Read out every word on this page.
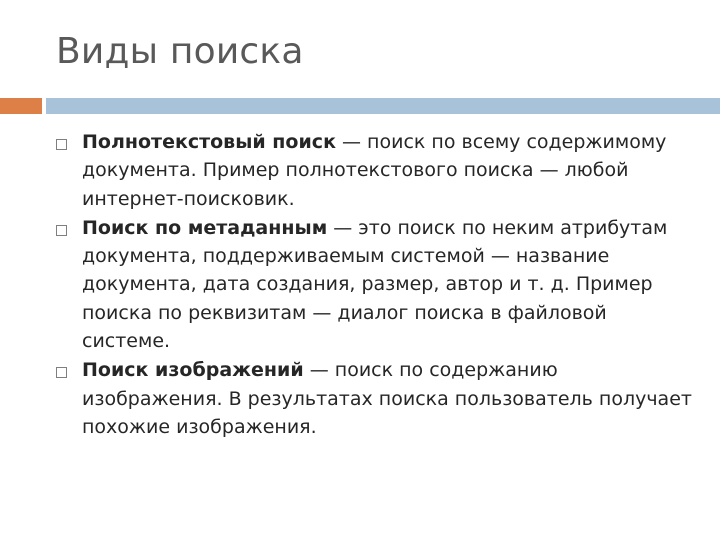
Виды поиска
Полнотекстовый поиск — поиск по всему содержимому документа. Пример полнотекстового поиска — любой интернет-поисковик.
Поиск по метаданным — это поиск по неким атрибутам документа, поддерживаемым системой — название документа, дата создания, размер, автор и т. д. Пример поиска по реквизитам — диалог поиска в файловой системе.
Поиск изображений — поиск по содержанию изображения. В результатах поиска пользователь получает похожие изображения.
